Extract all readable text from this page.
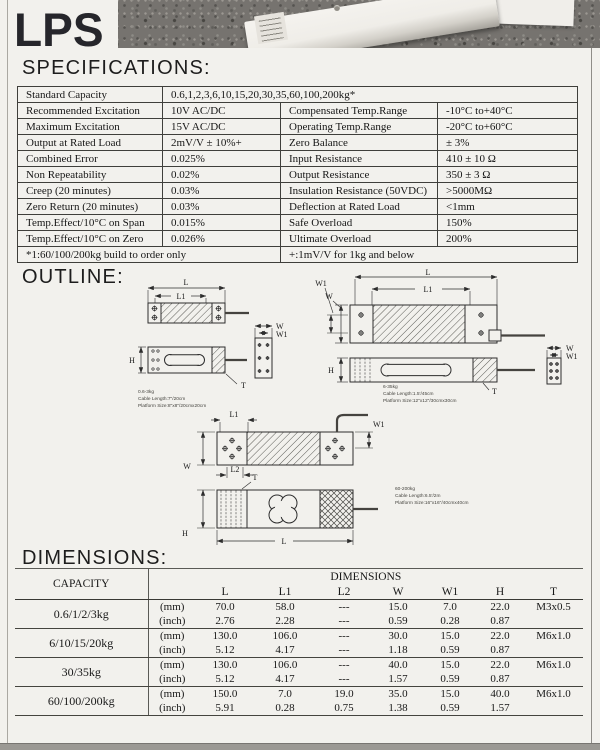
LPS
SPECIFICATIONS:
Standard Capacity	0.6,1,2,3,6,10,15,20,30,35,60,100,200kg*		
Recommended Excitation	10V AC/DC	Compensated Temp.Range	-10°C to+40°C
Maximum Excitation	15V AC/DC	Operating Temp.Range	-20°C to+60°C
Output at Rated Load	2mV/V ± 10%+	Zero Balance	± 3%
Combined Error	0.025%	Input Resistance	410 ± 10 Ω
Non Repeatability	0.02%	Output Resistance	350 ± 3 Ω
Creep (20 minutes)	0.03%	Insulation Resistance (50VDC)	>5000MΩ
Zero Return (20 minutes)	0.03%	Deflection at Rated Load	<1mm
Temp.Effect/10°C on Span	0.015%	Safe Overload	150%
Temp.Effect/10°C on Zero	0.026%	Ultimate Overload	200%
*1:60/100/200kg build to order only		+:1mV/V for 1kg and below	
OUTLINE:	L
L1
W
W1
H
T
0.6-3kg
Cable Length:7"/20cm
Platform Size:8"x8"/20cmx20cm
L
L1
W1
W
H
T
W
W1
6-35kg
Cable Length:1.5'/45cm
Platform Size:12"x12"/30cmx30cm
L1
W1
W	L2
T
H
L
60-200kg
Cable Length:6.5'/2m
Platform Size:16"x16"/40cmx40cm
DIMENSIONS:
CAPACITY	DIMENSIONS							
		L	L1	L2	W	W1	H	T
0.6/1/2/3kg	(mm)	70.0	58.0	---	15.0	7.0	22.0	M3x0.5
	(inch)	2.76	2.28	---	0.59	0.28	0.87	
6/10/15/20kg	(mm)	130.0	106.0	---	30.0	15.0	22.0	M6x1.0
	(inch)	5.12	4.17	---	1.18	0.59	0.87	
30/35kg	(mm)	130.0	106.0	---	40.0	15.0	22.0	M6x1.0
	(inch)	5.12	4.17	---	1.57	0.59	0.87	
60/100/200kg	(mm)	150.0	7.0	19.0	35.0	15.0	40.0	M6x1.0
	(inch)	5.91	0.28	0.75	1.38	0.59	1.57	
